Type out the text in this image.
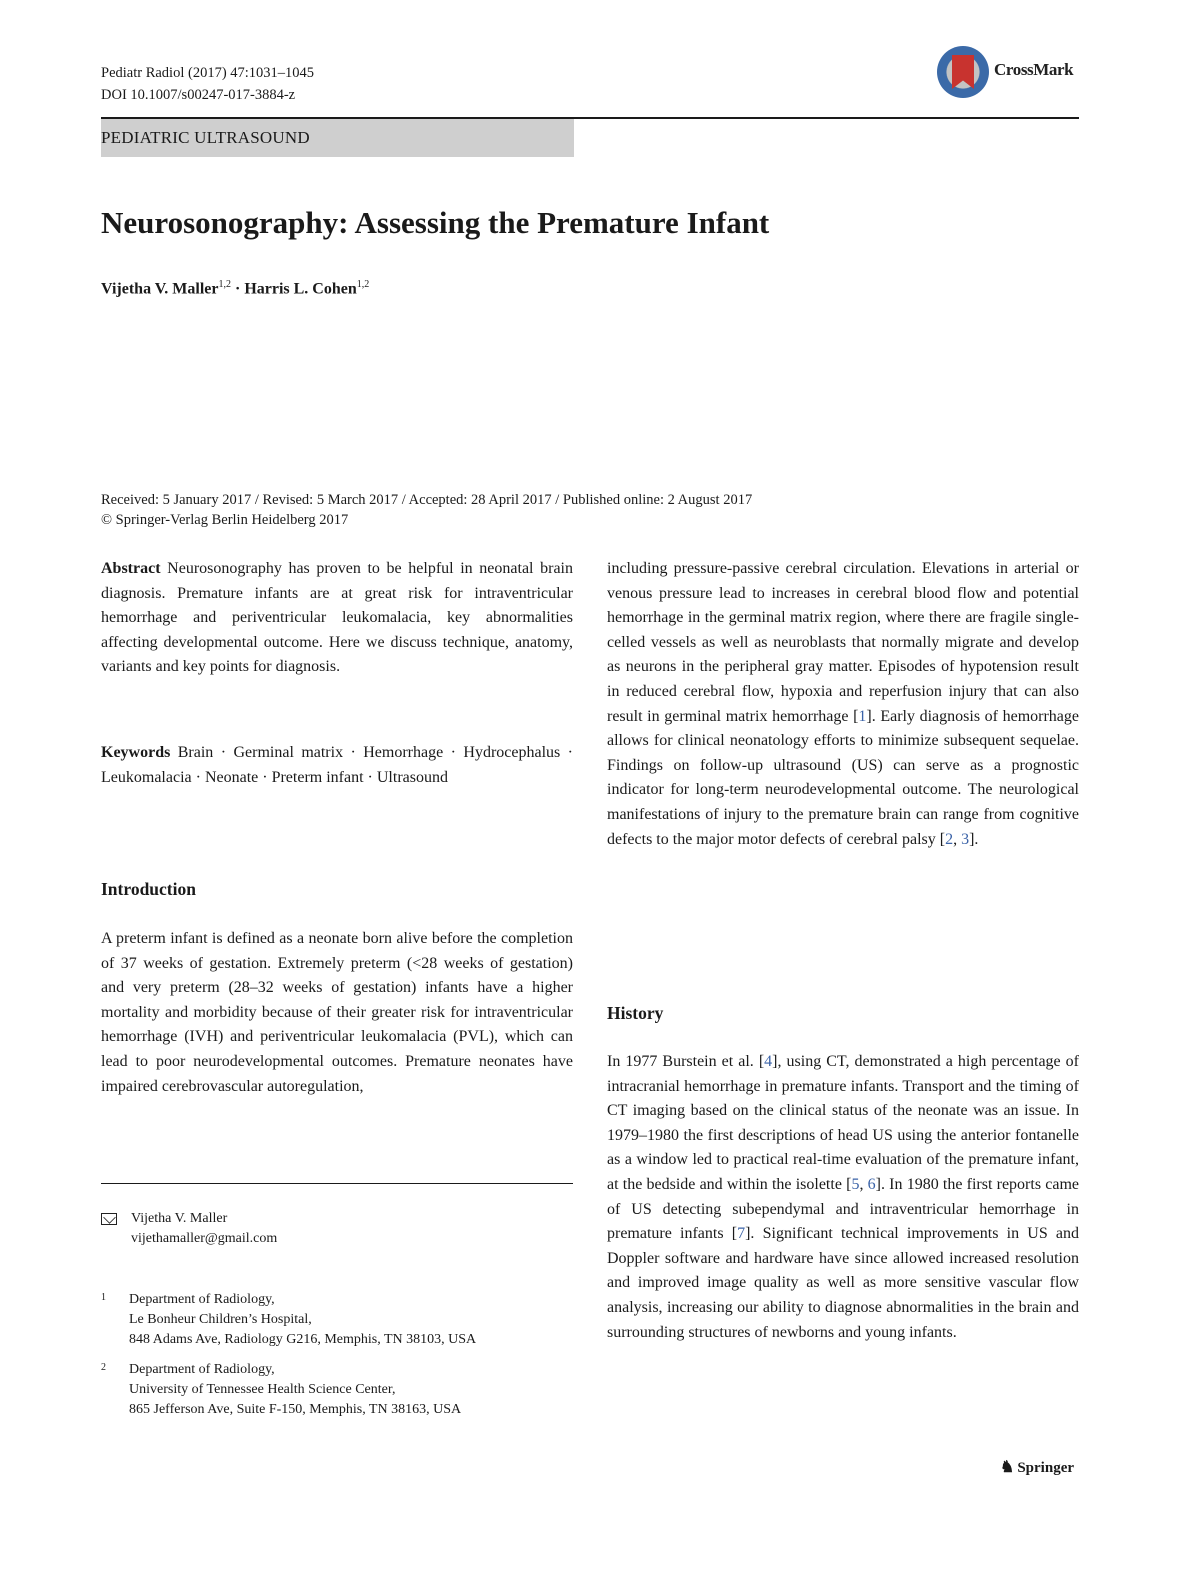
Pediatr Radiol (2017) 47:1031–1045
DOI 10.1007/s00247-017-3884-z
CrossMark
PEDIATRIC ULTRASOUND
Neurosonography: Assessing the Premature Infant
Vijetha V. Maller$^{1,2}$ · Harris L. Cohen$^{1,2}$
Received: 5 January 2017 / Revised: 5 March 2017 / Accepted: 28 April 2017 / Published online: 2 August 2017
© Springer-Verlag Berlin Heidelberg 2017

Abstract Neurosonography has proven to be helpful in neonatal brain diagnosis. Premature infants are at great risk for intraventricular hemorrhage and periventricular leukomalacia, key abnormalities affecting developmental outcome. Here we discuss technique, anatomy, variants and key points for diagnosis.

Keywords Brain · Germinal matrix · Hemorrhage · Hydrocephalus · Leukomalacia · Neonate · Preterm infant · Ultrasound

Introduction

A preterm infant is defined as a neonate born alive before the completion of 37 weeks of gestation. Extremely preterm (<28 weeks of gestation) and very preterm (28–32 weeks of gestation) infants have a higher mortality and morbidity because of their greater risk for intraventricular hemorrhage (IVH) and periventricular leukomalacia (PVL), which can lead to poor neurodevelopmental outcomes. Premature neonates have impaired cerebrovascular autoregulation,

Vijetha V. Maller
vijethamaller@gmail.com
1 Department of Radiology,
Le Bonheur Children’s Hospital,
848 Adams Ave, Radiology G216, Memphis, TN 38103, USA
2 Department of Radiology,
University of Tennessee Health Science Center,
865 Jefferson Ave, Suite F-150, Memphis, TN 38163, USA

including pressure-passive cerebral circulation. Elevations in arterial or venous pressure lead to increases in cerebral blood flow and potential hemorrhage in the germinal matrix region, where there are fragile single-celled vessels as well as neuroblasts that normally migrate and develop as neurons in the peripheral gray matter. Episodes of hypotension result in reduced cerebral flow, hypoxia and reperfusion injury that can also result in germinal matrix hemorrhage [1]. Early diagnosis of hemorrhage allows for clinical neonatology efforts to minimize subsequent sequelae. Findings on follow-up ultrasound (US) can serve as a prognostic indicator for long-term neurodevelopmental outcome. The neurological manifestations of injury to the premature brain can range from cognitive defects to the major motor defects of cerebral palsy [2, 3].

History

In 1977 Burstein et al. [4], using CT, demonstrated a high percentage of intracranial hemorrhage in premature infants. Transport and the timing of CT imaging based on the clinical status of the neonate was an issue. In 1979–1980 the first descriptions of head US using the anterior fontanelle as a window led to practical real-time evaluation of the premature infant, at the bedside and within the isolette [5, 6]. In 1980 the first reports came of US detecting subependymal and intraventricular hemorrhage in premature infants [7]. Significant technical improvements in US and Doppler software and hardware have since allowed increased resolution and improved image quality as well as more sensitive vascular flow analysis, increasing our ability to diagnose abnormalities in the brain and surrounding structures of newborns and young infants.

♞ Springer
